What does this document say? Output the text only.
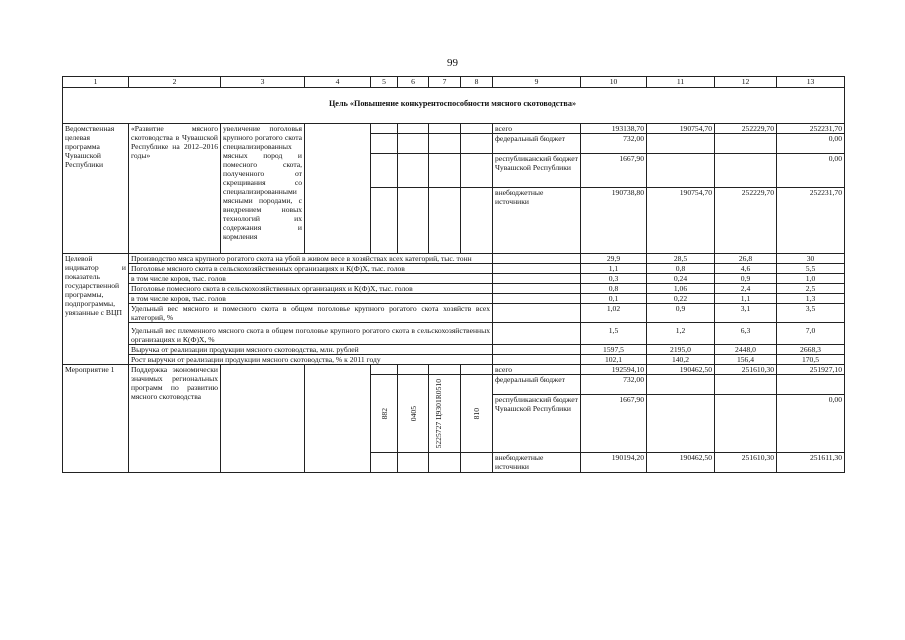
99
Цель «Повышение конкурентоспособности мясного скотоводства»
1	2	3	4	5	6	7	8	9	10	11	12	13

Ведомственная целевая программа Чувашской Республики	«Развитие мясного скотоводства в Чувашской Республике на 2012–2016 годы»	увеличение поголовья крупного рогатого скота специализированных мясных пород и помесного скота, полученного от скрещивания со специализированными мясными породами, с внедрением новых технологий их содержания и кормления						всего	193138,70	190754,70	252229,70	252231,70
								федеральный бюджет	732,00			0,00
								республиканский бюджет Чувашской Республики	1667,90			0,00
								внебюджетные источники	190738,80	190754,70	252229,70	252231,70
Целевой индикатор и показатель государственной программы, подпрограммы, увязанные с ВЦП	Производство мяса крупного рогатого скота на убой в живом весе в хозяйствах всех категорий, тыс. тонн								29,9	28,5	26,8	30
	Поголовье мясного скота в сельскохозяйственных организациях и К(Ф)Х, тыс. голов								1,1	0,8	4,6	5,5
	в том числе коров, тыс. голов								0,3	0,24	0,9	1,0
	Поголовье помесного скота в сельскохозяйственных организациях и К(Ф)Х, тыс. голов								0,8	1,06	2,4	2,5
	в том числе коров, тыс. голов								0,1	0,22	1,1	1,3
	Удельный вес мясного и помесного скота в общем поголовье крупного рогатого скота хозяйств всех категорий, %								1,02	0,9	3,1	3,5
	Удельный вес племенного мясного скота в общем поголовье крупного рогатого скота в сельскохозяйственных организациях и К(Ф)Х, %								1,5	1,2	6,3	7,0
	Выручка от реализации продукции мясного скотоводства, млн. рублей								1597,5	2195,0	2448,0	2668,3
	Рост выручки от реализации продукции мясного скотоводства, % к 2011 году								102,1	140,2	156,4	170,5
Мероприятие 1	Поддержка экономически значимых региональных программ по развитию мясного скотоводства							всего	192594,10	190462,50	251610,30	251927,10

				882	0405	5225727 Ц9301R0510	810	федеральный бюджет	732,00			
								республиканский бюджет Чувашской Республики	1667,90			0,00
								внебюджетные источники	190194,20	190462,50	251610,30	251611,30
